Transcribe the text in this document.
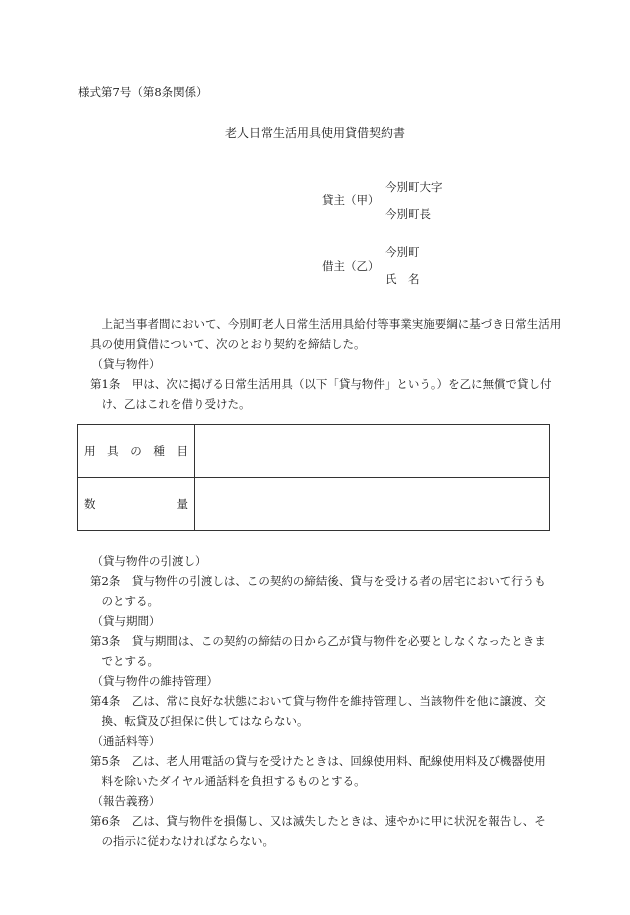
様式第7号（第8条関係）
老人日常生活用具使用貸借契約書
今別町大字
貸主（甲）
今別町長
今別町
借主（乙）
氏　名

上記当事者間において、今別町老人日常生活用具給付等事業実施要綱に基づき日常生活用具の使用貸借について、次のとおり契約を締結した。

（貸与物件）

第1条　甲は、次に掲げる日常生活用具（以下「貸与物件」という。）を乙に無償で貸し付け、乙はこれを借り受けた。

用 具 の 種 目	

数 量	

（貸与物件の引渡し）

第2条　貸与物件の引渡しは、この契約の締結後、貸与を受ける者の居宅において行うものとする。

（貸与期間）

第3条　貸与期間は、この契約の締結の日から乙が貸与物件を必要としなくなったときまでとする。

（貸与物件の維持管理）

第4条　乙は、常に良好な状態において貸与物件を維持管理し、当該物件を他に譲渡、交換、転貸及び担保に供してはならない。

（通話料等）

第5条　乙は、老人用電話の貸与を受けたときは、回線使用料、配線使用料及び機器使用料を除いたダイヤル通話料を負担するものとする。

（報告義務）

第6条　乙は、貸与物件を損傷し、又は滅失したときは、速やかに甲に状況を報告し、その指示に従わなければならない。
